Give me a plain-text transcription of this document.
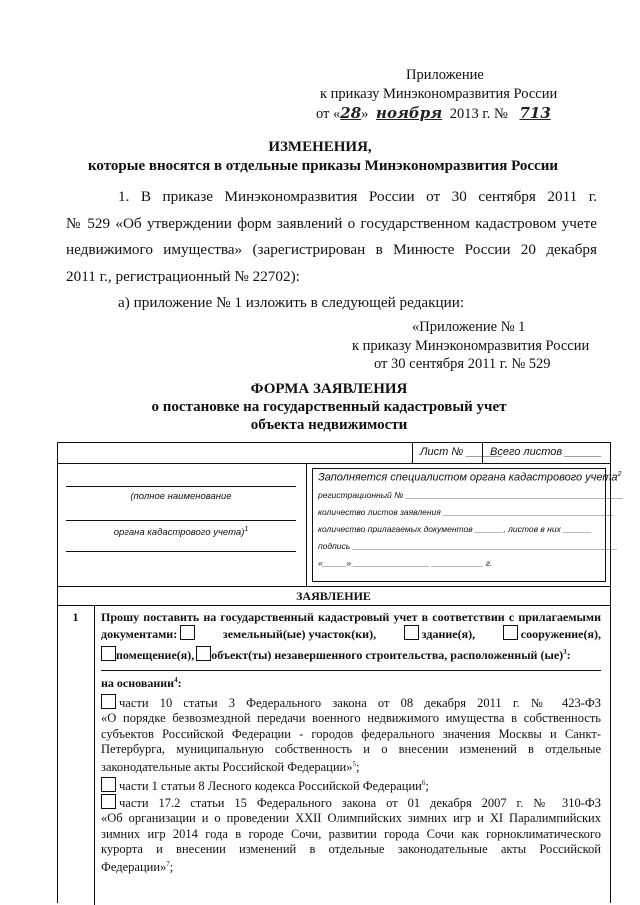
Приложение
к приказу Минэкономразвития России
от «28» ноября 2013 г. № 713
ИЗМЕНЕНИЯ,
которые вносятся в отдельные приказы Минэкономразвития России
1. В приказе Минэкономразвития России от 30 сентября 2011 г.
№ 529 «Об утверждении форм заявлений о государственном кадастровом учете
недвижимого имущества» (зарегистрирован в Минюсте России 20 декабря
2011 г., регистрационный № 22702):
а) приложение № 1 изложить в следующей редакции:
«Приложение № 1
к приказу Минэкономразвития России
от 30 сентября 2011 г. № 529
ФОРМА ЗАЯВЛЕНИЯ
о постановке на государственный кадастровый учет
объекта недвижимости
Лист № ______
Всего листов ______
(полное наименование
органа кадастрового учета)$^1$
Заполняется специалистом органа кадастрового учета$^2$
регистрационный № ______________________________________________
количество листов заявления ____________________________________
количество прилагаемых документов ______, листов в них ______
подпись ________________________________________________________
«_____» ________________ ___________ г.
ЗАЯВЛЕНИЕ
1	Прошу поставить на государственный кадастровый учет в соответствии с прилагаемыми
документами:	земельный(ые) участок(ки),	здание(я),	сооружение(я),
помещение(я), объект(ты) незавершенного строительства, расположенный (ые)$^3$:
на основании$^4$:
части 10 статьи 3 Федерального закона от 08 декабря 2011 г. № 423-ФЗ
«О порядке безвозмездной передачи военного недвижимого имущества в собственность
субъектов Российской Федерации - городов федерального значения Москвы и Санкт-
Петербурга, муниципальную собственность и о внесении изменений в отдельные
законодательные акты Российской Федерации»$^5$;
части 1 статьи 8 Лесного кодекса Российской Федерации$^6$;
части 17.2 статьи 15 Федерального закона от 01 декабря 2007 г. № 310-ФЗ
«Об организации и о проведении XXII Олимпийских зимних игр и XI Паралимпийских
зимних игр 2014 года в городе Сочи, развитии города Сочи как горноклиматического
курорта и внесении изменений в отдельные законодательные акты Российской
Федерации»$^7$;
